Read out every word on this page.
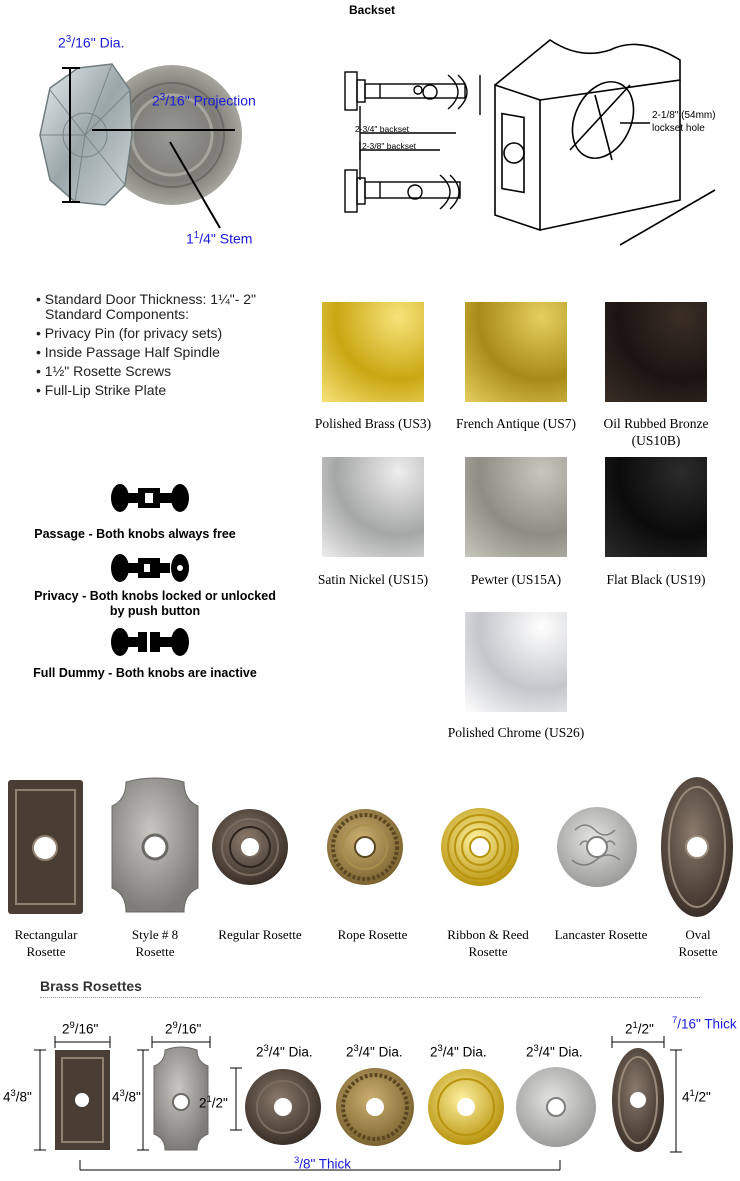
Backset
2-3/4" backset
2-3/8" backset
2-1/8" (54mm)
lockset hole
$2^3/16$" Dia.
$2^3/16$" Projection
$1^1/4$" Stem
• Standard Door Thickness: 1¼"- 2"
Standard Components:
• Privacy Pin (for privacy sets)
• Inside Passage Half Spindle
• 1½" Rosette Screws
• Full-Lip Strike Plate
Passage - Both knobs always free
Privacy - Both knobs locked or unlocked
by push button
Full Dummy - Both knobs are inactive
Polished Brass (US3)	French Antique (US7)	Oil Rubbed Bronze
(US10B)
Satin Nickel (US15)	Pewter (US15A)	Flat Black (US19)
Polished Chrome (US26)
Rectangular
Rosette
Style # 8
Rosette
Regular Rosette	Rope Rosette	Ribbon & Reed
Rosette
Lancaster Rosette	Oval
Rosette
Brass Rosettes
$2^9/16$"
$4^3/8$"
$2^9/16$"
$4^3/8$"	$2^1/2$"
$2^3/4$" Dia. $2^3/4$" Dia. $2^3/4$" Dia.	$2^3/4$" Dia.
$2^1/2$"
$4^1/2$"
$^7$/16" Thick
$^3$/8" Thick
